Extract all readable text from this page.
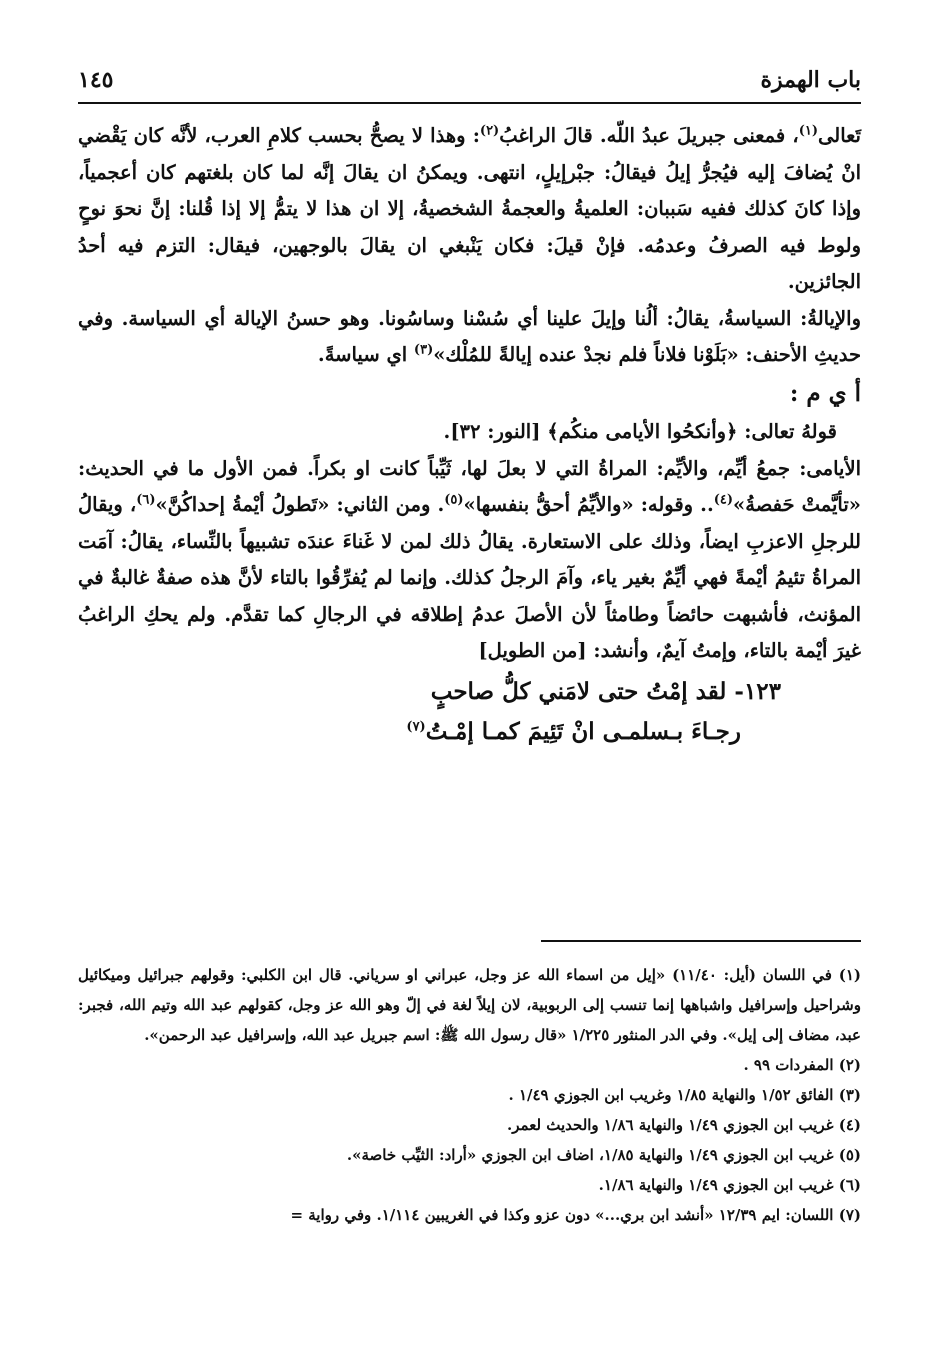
١٤٥	باب الهمزة

تَعالى$^{(١)}$، فمعنى جبريلَ عبدُ اللّه. قالَ الراغبُ$^{(٢)}$: وهذا لا يصحُّ بحسب كلامِ العرب، لأنَّه كان يَقْضي انْ يُضافَ إليه فيُجرُّ إيلُ فيقالُ: جبْرإيلٍ، انتهى. ويمكنُ ان يقالَ إنَّه لما كان بلغتهم كان أعجمياً، وإذا كانَ كذلك ففيه سَببان: العلميةُ والعجمةُ الشخصيةُ، إلا ان هذا لا يتمُّ إلا إذا قُلنا: إنَّ نحوَ نوحٍ ولوط فيه الصرفُ وعدمُه. فإنْ قيلَ: فكان يَنْبغي ان يقالَ بالوجهين، فيقال: التزم فيه أحدُ الجائزين.

والإيالةُ: السياسةُ، يقالُ: ألُنا وإيلَ علينا أي سُسْنا وساسُونا. وهو حسنُ الإيالة أي السياسة. وفي حديثِ الأحنف: «بَلَوْنا فلاناً فلم نجدْ عنده إيالةً للمُلْك»$^{(٣)}$ اي سياسةً.

أ ي م :

قولهُ تعالى: ﴿وأنكحُوا الأيامى منكُم﴾ [النور: ٣٢].

الأيامى: جمعُ أيِّم، والأيِّم: المراةُ التي لا بعلَ لها، ثَيِّباً كانت او بكراً. فمن الأول ما في الحديث: «تأيَّمتْ حَفصةُ»$^{(٤)}$.. وقوله: «والأيِّمُ أحقُّ بنفسها»$^{(٥)}$. ومن الثاني: «تَطولُ أيْمةُ إحداكُنَّ»$^{(٦)}$، ويقالُ للرجلِ الاعزبِ ايضاً، وذلك على الاستعارة. يقالُ ذلك لمن لا غَناءَ عندَه تشبيهاً بالنِّساء، يقالُ: آمَت المراةُ تئيمُ أيْمةً فهي أيِّمٌ بغير ياء، وآمَ الرجلُ كذلك. وإنما لم يُفرِّقُوا بالتاء لأنَّ هذه صفةٌ غالبةٌ في المؤنث، فأشبهت حائضاً وطامثاً لأن الأصلَ عدمُ إطلاقه في الرجالِ كما تقدَّم. ولم يحكِ الراغبُ غيرَ أيْمة بالتاء، وإمتُ آيمٌ، وأنشد: [من الطويل]

١٢٣- لقد إمْتُ حتى لامَني كلُّ صاحبٍ
رجـاءَ بـسلمـى انْ تَئِيمَ كمـا إمْـتُ$^{(٧)}$

(١) في اللسان (أيل: ١١/٤٠) «إيل من اسماء الله عز وجل، عبراني او سرياني. قال ابن الكلبي: وقولهم جبرائيل وميكائيل وشراحيل وإسرافيل واشباهها إنما تنسب إلى الربوبية، لان إيلاً لغة في إلّ وهو الله عز وجل، كقولهم عبد الله وتيم الله، فجبر: عبد، مضاف إلى إيل». وفي الدر المنثور ١/٢٢٥ «قال رسول الله ﷺ: اسم جبريل عبد الله، وإسرافيل عبد الرحمن».

(٢) المفردات ٩٩ .

(٣) الفائق ١/٥٢ والنهاية ١/٨٥ وغريب ابن الجوزي ١/٤٩ .

(٤) غريب ابن الجوزي ١/٤٩ والنهاية ١/٨٦ والحديث لعمر.

(٥) غريب ابن الجوزي ١/٤٩ والنهاية ١/٨٥، اضاف ابن الجوزي «أراد: الثيِّب خاصة».

(٦) غريب ابن الجوزي ١/٤٩ والنهاية ١/٨٦.

(٧) اللسان: ايم ١٢/٣٩ «أنشد ابن بري...» دون عزو وكذا في الغريبين ١/١١٤. وفي رواية =
